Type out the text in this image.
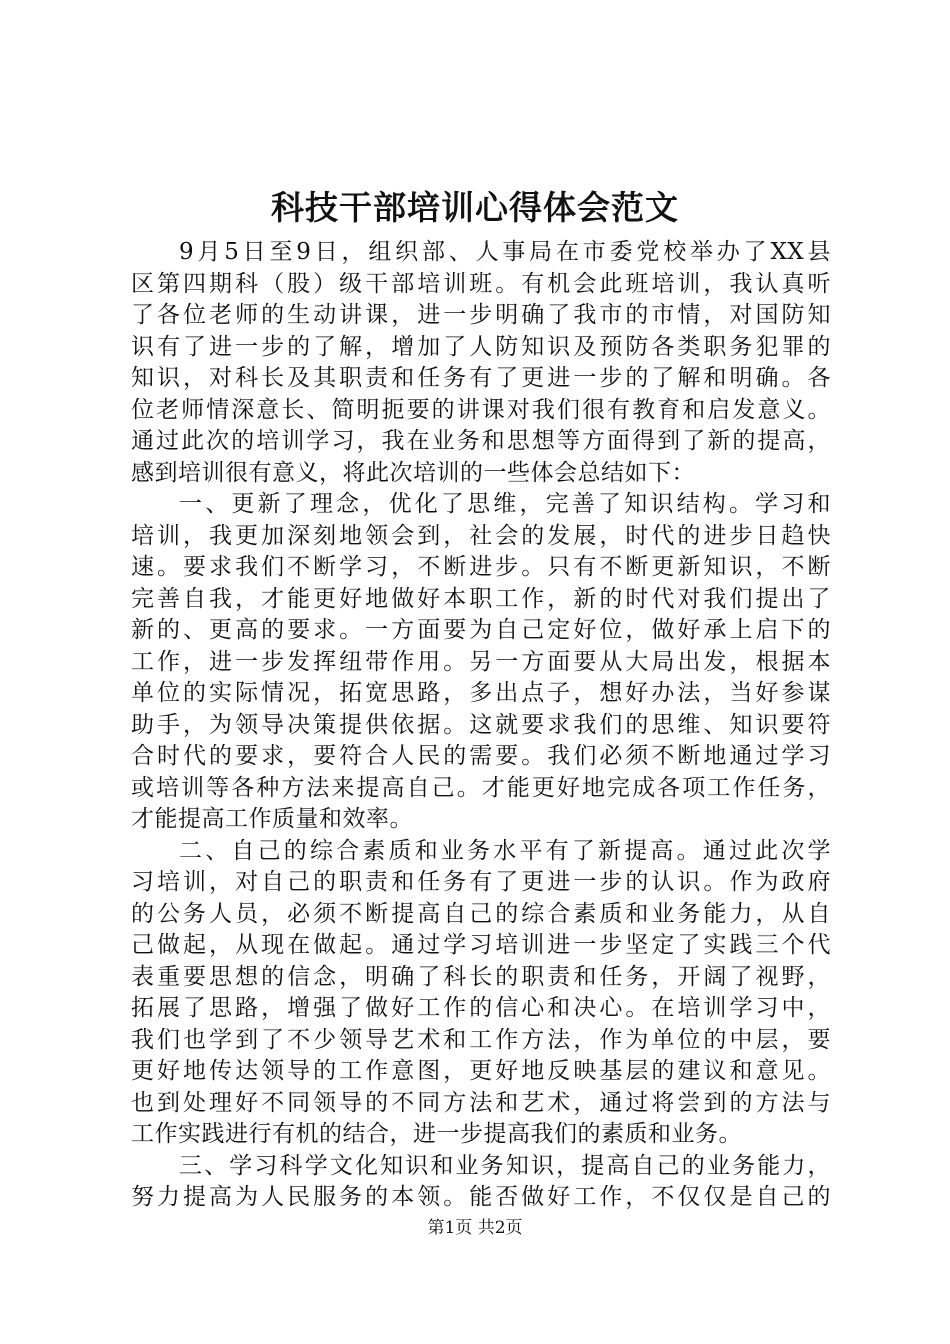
科技干部培训心得体会范文
9月5日至9日，组织部、人事局在市委党校举办了XX县
区第四期科（股）级干部培训班。有机会此班培训，我认真听
了各位老师的生动讲课，进一步明确了我市的市情，对国防知
识有了进一步的了解，增加了人防知识及预防各类职务犯罪的
知识，对科长及其职责和任务有了更进一步的了解和明确。各
位老师情深意长、简明扼要的讲课对我们很有教育和启发意义。
通过此次的培训学习，我在业务和思想等方面得到了新的提高，
感到培训很有意义，将此次培训的一些体会总结如下：
一、更新了理念，优化了思维，完善了知识结构。学习和
培训，我更加深刻地领会到，社会的发展，时代的进步日趋快
速。要求我们不断学习，不断进步。只有不断更新知识，不断
完善自我，才能更好地做好本职工作，新的时代对我们提出了
新的、更高的要求。一方面要为自己定好位，做好承上启下的
工作，进一步发挥纽带作用。另一方面要从大局出发，根据本
单位的实际情况，拓宽思路，多出点子，想好办法，当好参谋
助手，为领导决策提供依据。这就要求我们的思维、知识要符
合时代的要求，要符合人民的需要。我们必须不断地通过学习
或培训等各种方法来提高自己。才能更好地完成各项工作任务，
才能提高工作质量和效率。
二、自己的综合素质和业务水平有了新提高。通过此次学
习培训，对自己的职责和任务有了更进一步的认识。作为政府
的公务人员，必须不断提高自己的综合素质和业务能力，从自
己做起，从现在做起。通过学习培训进一步坚定了实践三个代
表重要思想的信念，明确了科长的职责和任务，开阔了视野，
拓展了思路，增强了做好工作的信心和决心。在培训学习中，
我们也学到了不少领导艺术和工作方法，作为单位的中层，要
更好地传达领导的工作意图，更好地反映基层的建议和意见。
也到处理好不同领导的不同方法和艺术，通过将尝到的方法与
工作实践进行有机的结合，进一步提高我们的素质和业务。
三、学习科学文化知识和业务知识，提高自己的业务能力，
努力提高为人民服务的本领。能否做好工作，不仅仅是自己的
第1页 共2页
